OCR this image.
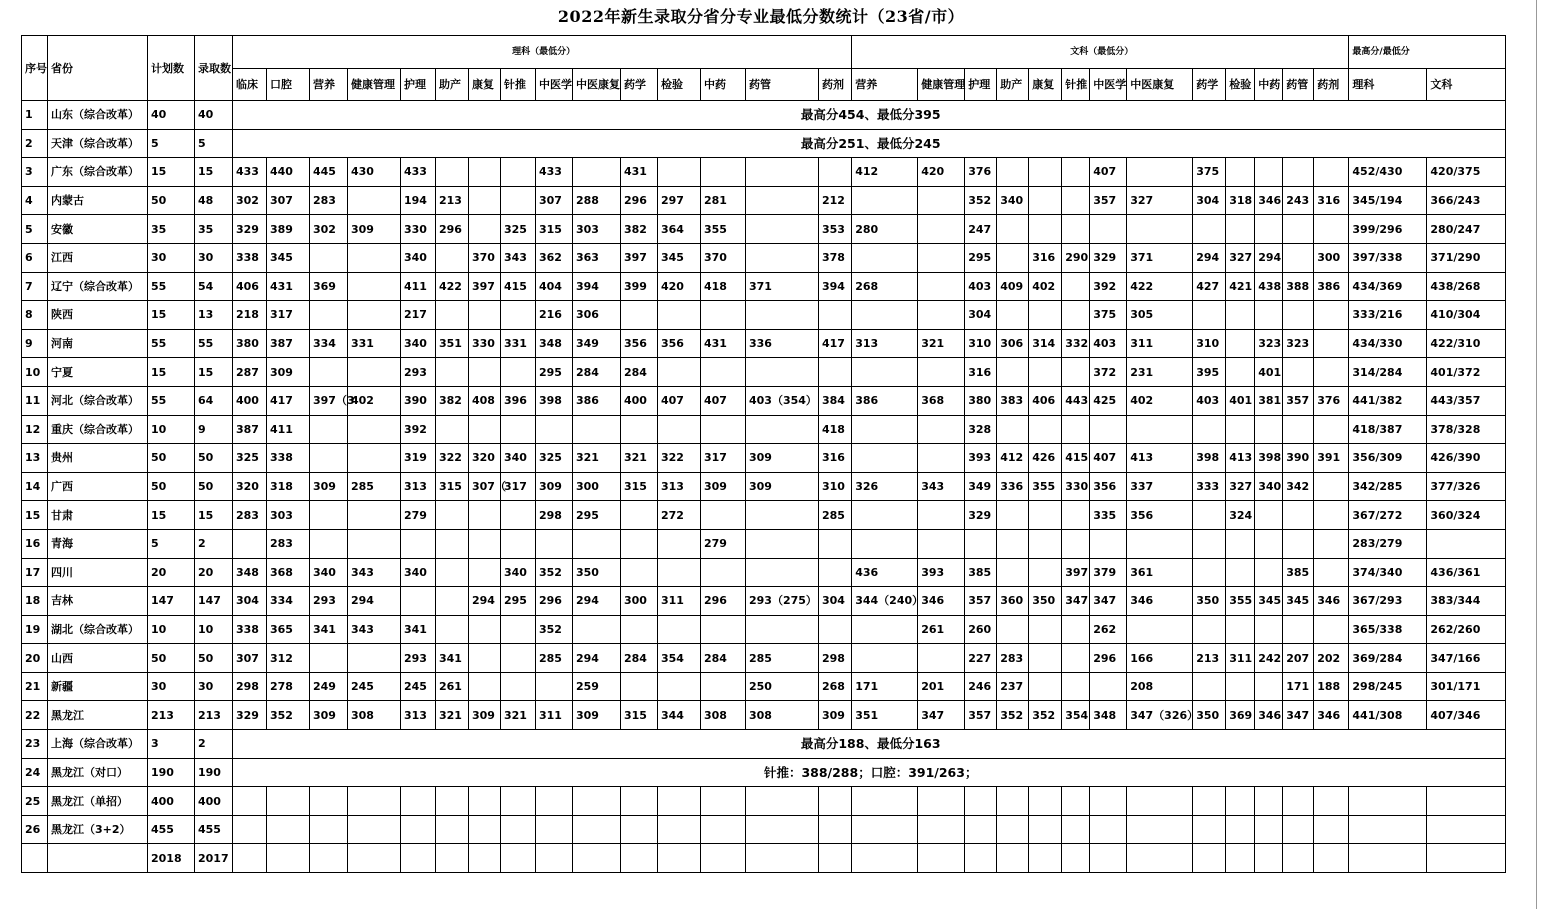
2022年新生录取分省分专业最低分数统计（23省/市）
序号	省份	计划数	录取数	理科（最低分）															文科（最低分）													最高分/最低分	
				临床	口腔	营养	健康管理	护理	助产	康复	针推	中医学	中医康复	药学	检验	中药	药管	药剂	营养	健康管理	护理	助产	康复	针推	中医学	中医康复	药学	检验	中药	药管	药剂	理科	文科
1	山东（综合改革）	40	40	最高分454、最低分395																													
2	天津（综合改革）	5	5	最高分251、最低分245																													
3	广东（综合改革）	15	15	433	440	445	430	433				433		431					412	420	376				407		375					452/430	420/375
4	内蒙古	50	48	302	307	283		194	213			307	288	296	297	281		212			352	340			357	327	304	318	346	243	316	345/194	366/243
5	安徽	35	35	329	389	302	309	330	296		325	315	303	382	364	355		353	280		247											399/296	280/247
6	江西	30	30	338	345			340		370	343	362	363	397	345	370		378			295		316	290	329	371	294	327	294		300	397/338	371/290
7	辽宁（综合改革）	55	54	406	431	369		411	422	397	415	404	394	399	420	418	371	394	268		403	409	402		392	422	427	421	438	388	386	434/369	438/268
8	陕西	15	13	218	317			217				216	306								304				375	305						333/216	410/304
9	河南	55	55	380	387	334	331	340	351	330	331	348	349	356	356	431	336	417	313	321	310	306	314	332	403	311	310		323	323		434/330	422/310
10	宁夏	15	15	287	309			293				295	284	284							316				372	231	395		401			314/284	401/372
11	河北（综合改革）	55	64	400	417	397（3	402	390	382	408	396	398	386	400	407	407	403（354）	384	386	368	380	383	406	443	425	402	403	401	381	357	376	441/382	443/357
12	重庆（综合改革）	10	9	387	411			392										418			328											418/387	378/328
13	贵州	50	50	325	338			319	322	320	340	325	321	321	322	317	309	316			393	412	426	415	407	413	398	413	398	390	391	356/309	426/390
14	广西	50	50	320	318	309	285	313	315	307（	317	309	300	315	313	309	309	310	326	343	349	336	355	330	356	337	333	327	340	342		342/285	377/326
15	甘肃	15	15	283	303			279				298	295		272			285			329				335	356		324				367/272	360/324
16	青海	5	2		283											279																283/279	
17	四川	20	20	348	368	340	343	340			340	352	350						436	393	385			397	379	361				385		374/340	436/361
18	吉林	147	147	304	334	293	294			294	295	296	294	300	311	296	293（275）	304	344（240）	346	357	360	350	347	347	346	350	355	345	345	346	367/293	383/344
19	湖北（综合改革）	10	10	338	365	341	343	341				352								261	260				262							365/338	262/260
20	山西	50	50	307	312			293	341			285	294	284	354	284	285	298			227	283			296	166	213	311	242	207	202	369/284	347/166
21	新疆	30	30	298	278	249	245	245	261				259				250	268	171	201	246	237				208				171	188	298/245	301/171
22	黑龙江	213	213	329	352	309	308	313	321	309	321	311	309	315	344	308	308	309	351	347	357	352	352	354	348	347（326）	350	369	346	347	346	441/308	407/346
23	上海（综合改革）	3	2	最高分188、最低分163																													
24	黑龙江（对口）	190	190	针推：388/288；口腔：391/263；																													
25	黑龙江（单招）	400	400																														
26	黑龙江（3+2）	455	455																														
		2018	2017																														
